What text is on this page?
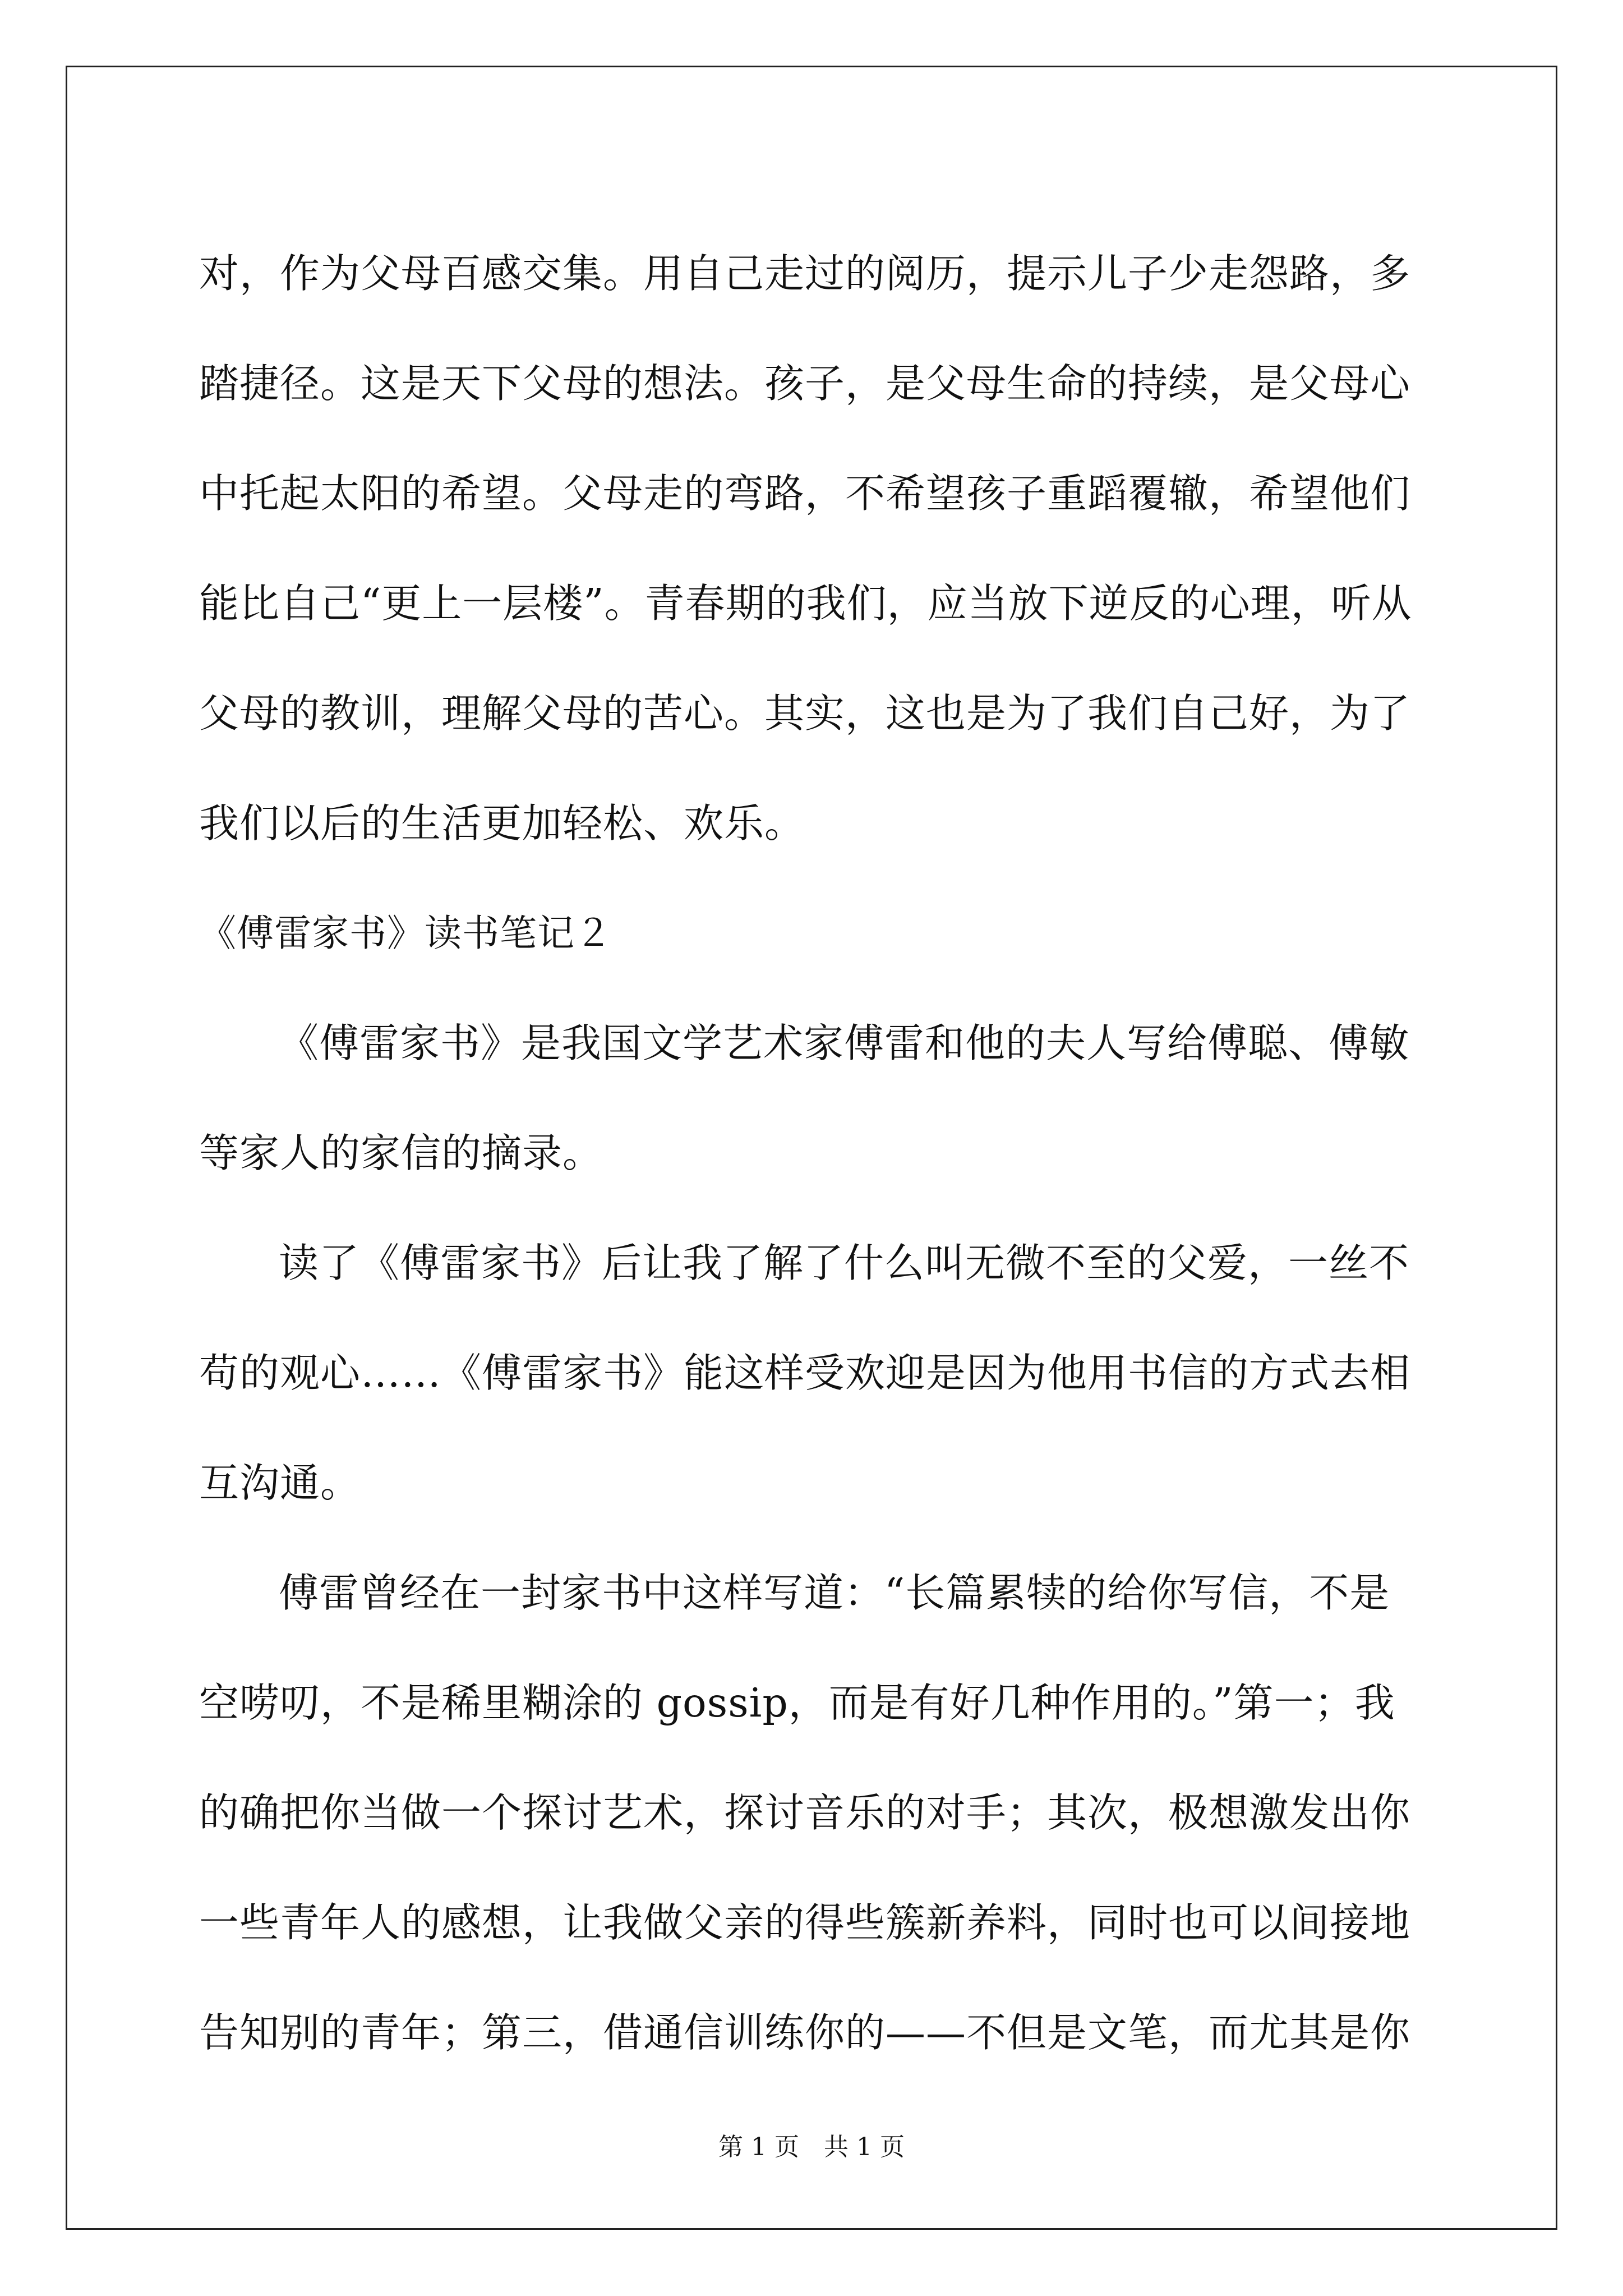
对，作为父母百感交集。用自己走过的阅历，提示儿子少走怨路，多
踏捷径。这是天下父母的想法。孩子，是父母生命的持续，是父母心
中托起太阳的希望。父母走的弯路，不希望孩子重蹈覆辙，希望他们
能比自己“更上一层楼”。青春期的我们，应当放下逆反的心理，听从
父母的教训，理解父母的苦心。其实，这也是为了我们自己好，为了
我们以后的生活更加轻松、欢乐。
《傅雷家书》读书笔记２
《傅雷家书》是我国文学艺术家傅雷和他的夫人写给傅聪、傅敏
等家人的家信的摘录。
读了《傅雷家书》后让我了解了什么叫无微不至的父爱，一丝不
苟的观心……《傅雷家书》能这样受欢迎是因为他用书信的方式去相
互沟通。
傅雷曾经在一封家书中这样写道：“长篇累犊的给你写信，不是
空唠叨，不是稀里糊涂的 gossip，而是有好几种作用的。”第一；我
的确把你当做一个探讨艺术，探讨音乐的对手；其次，极想激发出你
一些青年人的感想，让我做父亲的得些簇新养料，同时也可以间接地
告知别的青年；第三，借通信训练你的——不但是文笔，而尤其是你
第 1 页　共 1 页
